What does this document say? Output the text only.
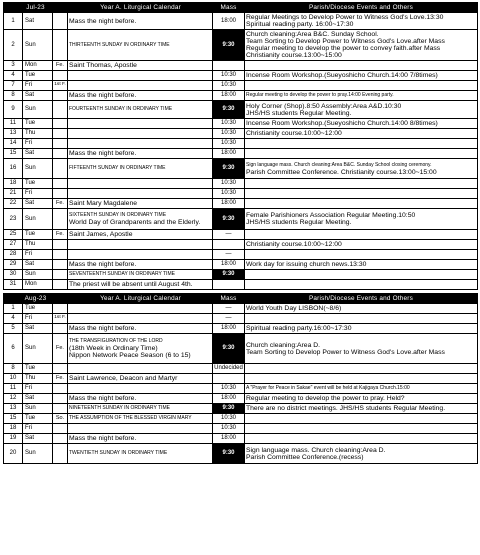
Jul-23			Year A. Liturgical Calendar	Mass	Parish/Diocese Events and Others
1	Sat		Mass the night before.	18:00	Regular Meetings to Develop Power to Witness God's Love.13:30
Spiritual reading party. 16:00~17:30

2	Sun		THIRTEENTH SUNDAY IN ORDINARY TIME	9:30	Church cleaning:Area B&C. Sunday School.
Team Sorting to Develop Power to Witness God's Love.after Mass
Regular meeting to develop the power to convey faith.after Mass
Christianity course.13:00~15:00

3	Mon	Fe.	Saint Thomas, Apostle		

4	Tue			10:30	Incense Room Workshop.(Sueyoshicho Church.14:00 7/8times)

7	Fri	1st F.		10:30	

8	Sat		Mass the night before.	18:00	Regular meeting to develop the power to pray.14:00 Evening party.

9	Sun		FOURTEENTH SUNDAY IN ORDINARY TIME	9:30	Holy Corner (Shop).8:50 Assembly:Area A&D.10:30
JHS/HS students Regular Meeting.

11	Tue			10:30	Incense Room Workshop.(Sueyoshicho Church.14:00 8/8times)

13	Thu			10:30	Christianity course.10:00~12:00

14	Fri			10:30	

15	Sat		Mass the night before.	18:00	

16	Sun		FIFTEENTH SUNDAY IN ORDINARY TIME	9:30	Sign language mass. Church cleaning:Area B&C. Sunday School closing ceremony.
Parish Committee Conference. Christianity course.13:00~15:00

18	Tue			10:30	

21	Fri			10:30	

22	Sat	Fe.	Saint Mary Magdalene	18:00	

23	Sun		SIXTEENTH SUNDAY IN ORDINARY TIME
World Day of Grandparents and the Elderly.	9:30	Female Parishioners Association Regular Meeting.10:50
JHS/HS students Regular Meeting.

25	Tue	Fe.	Saint James, Apostle	—	

27	Thu				Christianity course.10:00~12:00

28	Fri			—	

29	Sat		Mass the night before.	18:00	Work day for issuing church news.13:30

30	Sun		SEVENTEENTH SUNDAY IN ORDINARY TIME	9:30	

31	Mon		The priest will be absent until August 4th.		

Aug-23			Year A. Liturgical Calendar	Mass	Parish/Diocese Events and Others
1	Tue			—	World Youth Day LISBON(~8/6)

4	Fri	1st F.		—	

5	Sat		Mass the night before.	18:00	Spiritual reading party.16:00~17:30

6	Sun	Fe.	THE TRANSFIGURATION OF THE LORD
(18th Week in Ordinary Time)
Nippon Network Peace Season (6 to 15)	9:30	Church cleaning:Area D.
Team Sorting to Develop Power to Witness God's Love.after Mass

8	Tue			Undecided	

10	Thu	Fe.	Saint Lawrence, Deacon and Martyr		

11	Fri			10:30	A "Prayer for Peace in Sakae" event will be held at Kajigaya Church.15:00

12	Sat		Mass the night before.	18:00	Regular meeting to develop the power to pray. Held?

13	Sun		NINETEENTH SUNDAY IN ORDINARY TIME	9:30	There are no district meetings. JHS/HS students Regular Meeting.

15	Tue	So.	THE ASSUMPTION OF THE BLESSED VIRGIN MARY	10:30	

18	Fri			10:30	

19	Sat		Mass the night before.	18:00	

20	Sun		TWENTIETH SUNDAY IN ORDINARY TIME	9:30	Sign language mass. Church cleaning:Area D.
Parish Committee Conference.(recess)
